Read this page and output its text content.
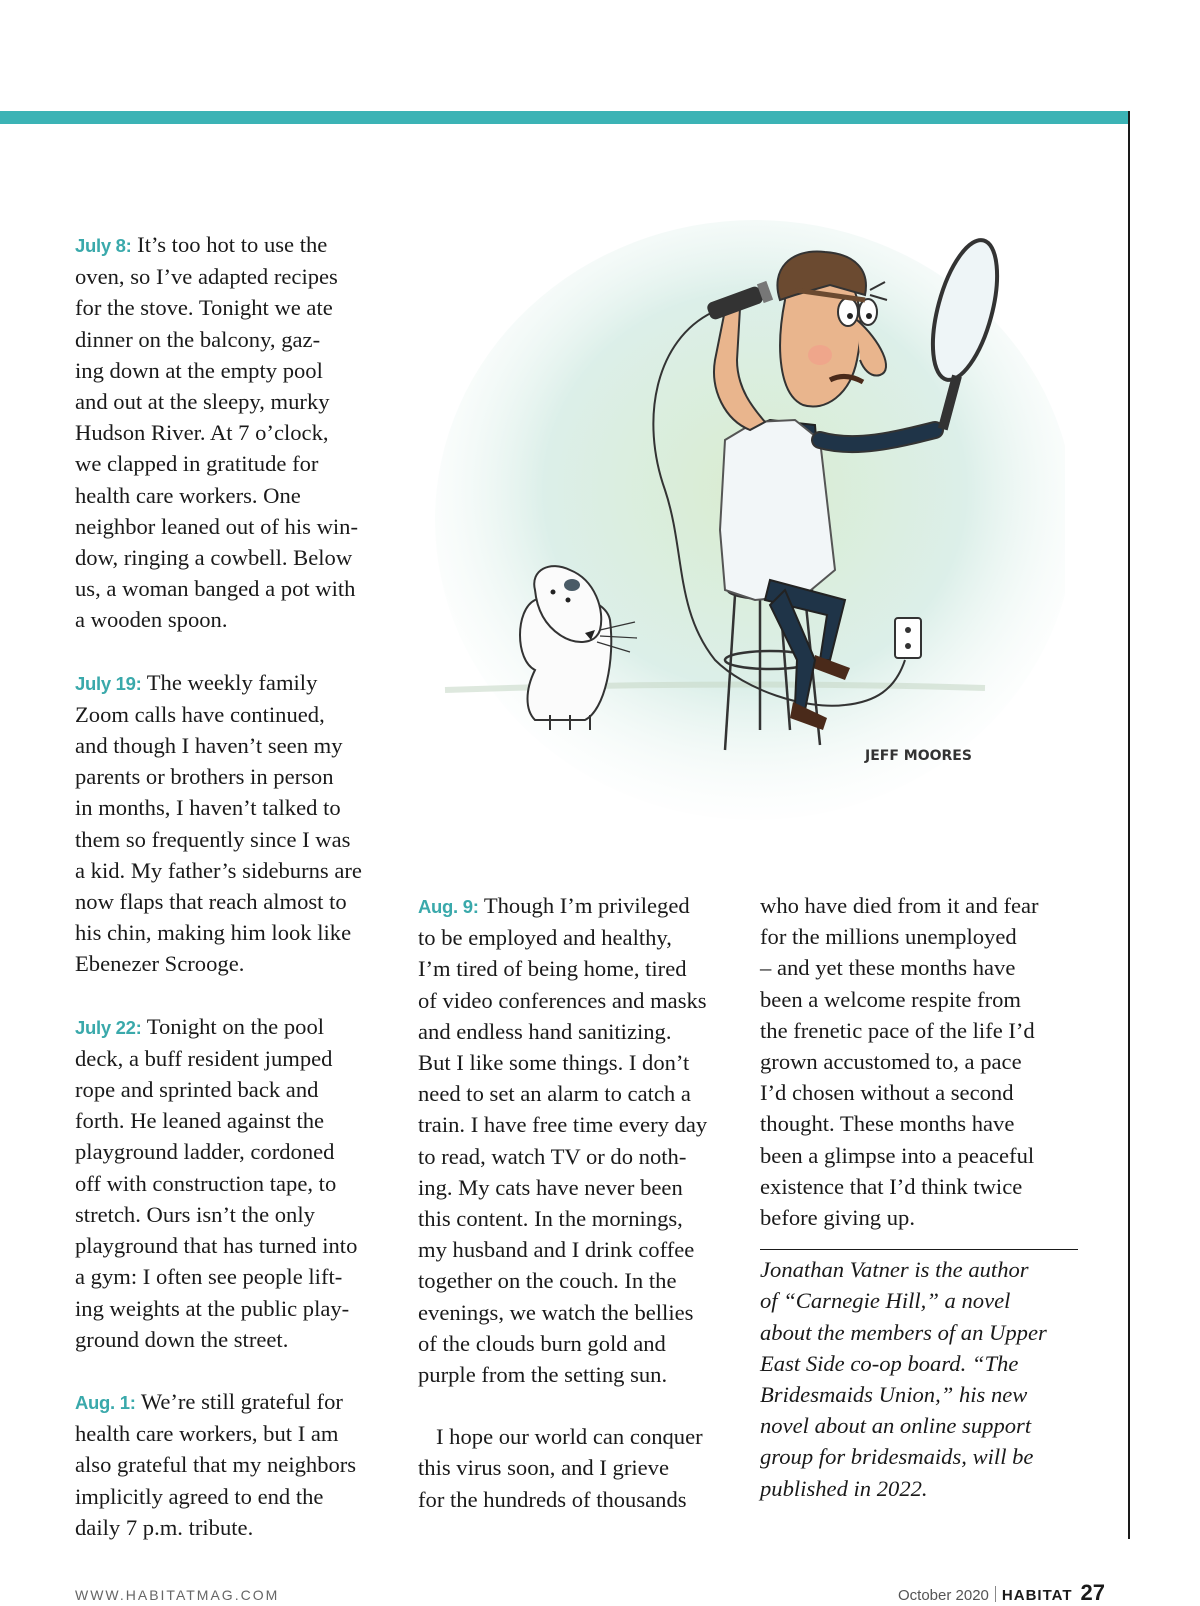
July 8: It’s too hot to use the
oven, so I’ve adapted recipes
for the stove. Tonight we ate
dinner on the balcony, gaz-
ing down at the empty pool
and out at the sleepy, murky
Hudson River. At 7 o’clock,
we clapped in gratitude for
health care workers. One
neighbor leaned out of his win-
dow, ringing a cowbell. Below
us, a woman banged a pot with
a wooden spoon.

July 19: The weekly family
Zoom calls have continued,
and though I haven’t seen my
parents or brothers in person
in months, I haven’t talked to
them so frequently since I was
a kid. My father’s sideburns are
now flaps that reach almost to
his chin, making him look like
Ebenezer Scrooge.

July 22: Tonight on the pool
deck, a buff resident jumped
rope and sprinted back and
forth. He leaned against the
playground ladder, cordoned
off with construction tape, to
stretch. Ours isn’t the only
playground that has turned into
a gym: I often see people lift-
ing weights at the public play-
ground down the street.

Aug. 1: We’re still grateful for
health care workers, but I am
also grateful that my neighbors
implicitly agreed to end the
daily 7 p.m. tribute.

JEFF MOORES

Aug. 9: Though I’m privileged
to be employed and healthy,
I’m tired of being home, tired
of video conferences and masks
and endless hand sanitizing.
But I like some things. I don’t
need to set an alarm to catch a
train. I have free time every day
to read, watch TV or do noth-
ing. My cats have never been
this content. In the mornings,
my husband and I drink coffee
together on the couch. In the
evenings, we watch the bellies
of the clouds burn gold and
purple from the setting sun.

I hope our world can conquer
this virus soon, and I grieve
for the hundreds of thousands

who have died from it and fear
for the millions unemployed
– and yet these months have
been a welcome respite from
the frenetic pace of the life I’d
grown accustomed to, a pace
I’d chosen without a second
thought. These months have
been a glimpse into a peaceful
existence that I’d think twice
before giving up.

Jonathan Vatner is the author
of “Carnegie Hill,” a novel
about the members of an Upper
East Side co-op board. “The
Bridesmaids Union,” his new
novel about an online support
group for bridesmaids, will be
published in 2022.

WWW.HABITATMAG.COM	October 2020 HABITAT 27
